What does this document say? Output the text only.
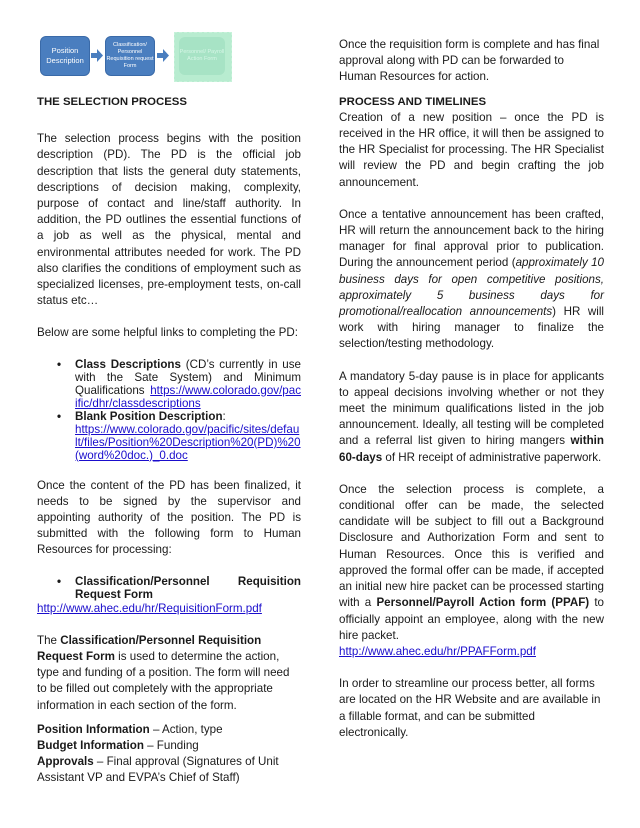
Position Description
Classification/ Personnel Requisition request Form
Personnel/ Payroll Action Form

THE SELECTION PROCESS

The selection process begins with the position description (PD). The PD is the official job description that lists the general duty statements, descriptions of decision making, complexity, purpose of contact and line/staff authority. In addition, the PD outlines the essential functions of a job as well as the physical, mental and environmental attributes needed for work. The PD also clarifies the conditions of employment such as specialized licenses, pre-employment tests, on-call status etc…

Below are some helpful links to completing the PD:

• Class Descriptions (CD’s currently in use with the Sate System) and Minimum Qualifications https://www.colorado.gov/pacific/dhr/classdescriptions
• Blank Position Description:
https://www.colorado.gov/pacific/sites/default/files/Position%20Description%20(PD)%20(word%20doc.)_0.doc

Once the content of the PD has been finalized, it needs to be signed by the supervisor and appointing authority of the position. The PD is submitted with the following form to Human Resources for processing:

• Classification/Personnel Requisition Request Form

http://www.ahec.edu/hr/RequisitionForm.pdf

The Classification/Personnel Requisition Request Form is used to determine the action, type and funding of a position. The form will need to be filled out completely with the appropriate information in each section of the form.

Position Information – Action, type

Budget Information – Funding

Approvals – Final approval (Signatures of Unit Assistant VP and EVPA’s Chief of Staff)

Once the requisition form is complete and has final approval along with PD can be forwarded to Human Resources for action.

PROCESS AND TIMELINES

Creation of a new position – once the PD is received in the HR office, it will then be assigned to the HR Specialist for processing. The HR Specialist will review the PD and begin crafting the job announcement.

Once a tentative announcement has been crafted, HR will return the announcement back to the hiring manager for final approval prior to publication. During the announcement period (approximately 10 business days for open competitive positions, approximately 5 business days for promotional/reallocation announcements) HR will work with hiring manager to finalize the selection/testing methodology.

A mandatory 5-day pause is in place for applicants to appeal decisions involving whether or not they meet the minimum qualifications listed in the job announcement. Ideally, all testing will be completed and a referral list given to hiring mangers within 60-days of HR receipt of administrative paperwork.

Once the selection process is complete, a conditional offer can be made, the selected candidate will be subject to fill out a Background Disclosure and Authorization Form and sent to Human Resources. Once this is verified and approved the formal offer can be made, if accepted an initial new hire packet can be processed starting with a Personnel/Payroll Action form (PPAF) to officially appoint an employee, along with the new hire packet.

http://www.ahec.edu/hr/PPAFForm.pdf

In order to streamline our process better, all forms are located on the HR Website and are available in a fillable format, and can be submitted electronically.
